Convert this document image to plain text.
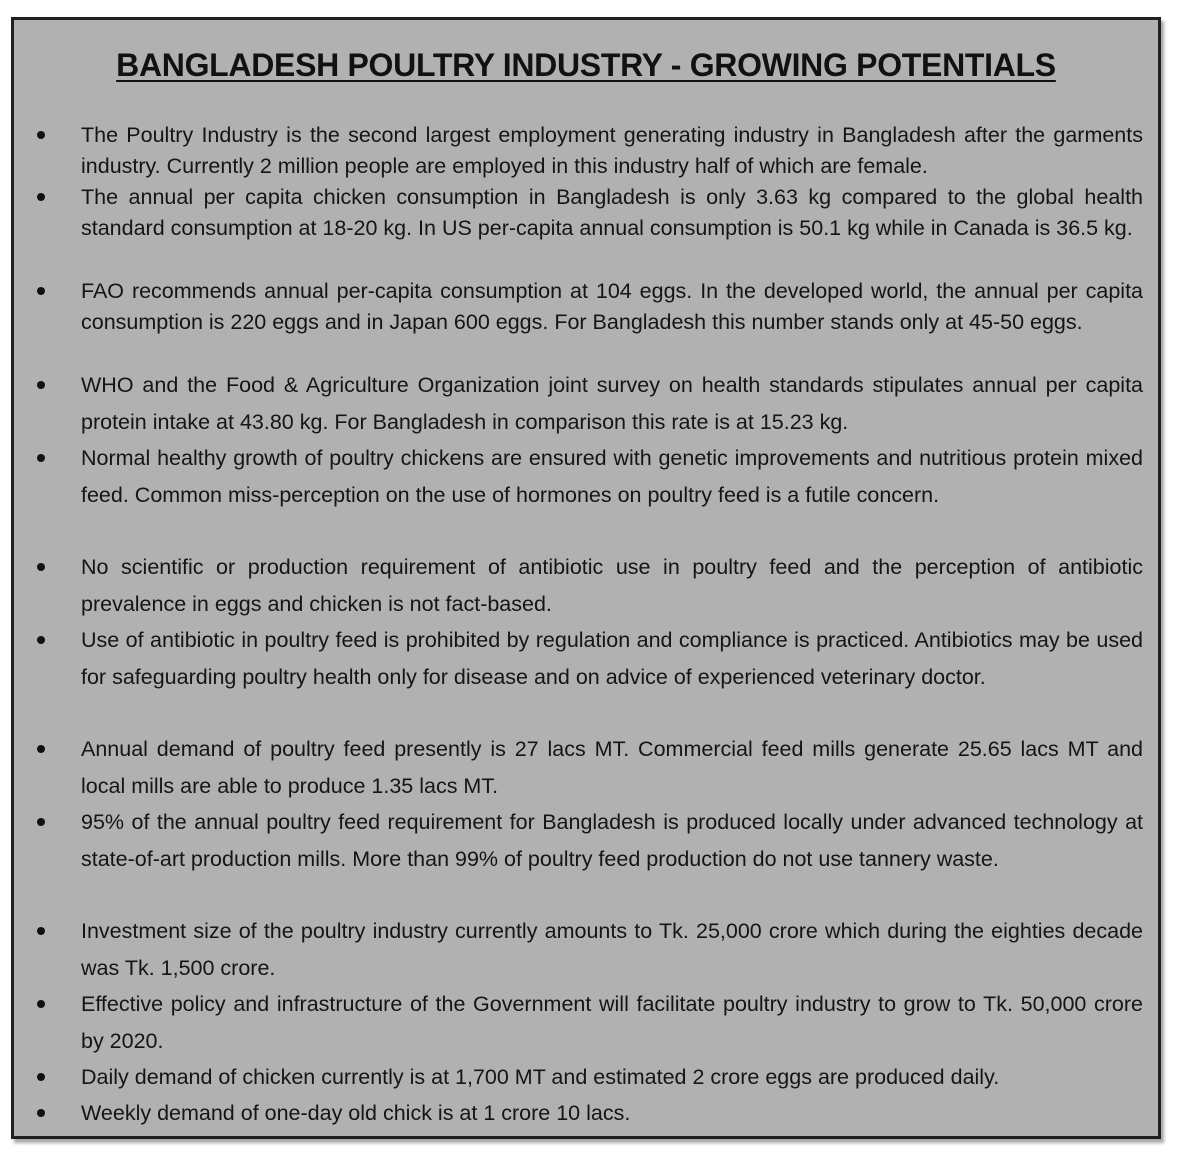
BANGLADESH POULTRY INDUSTRY - GROWING POTENTIALS
The Poultry Industry is the second largest employment generating industry in Bangladesh after the garments industry. Currently 2 million people are employed in this industry half of which are female.
The annual per capita chicken consumption in Bangladesh is only 3.63 kg compared to the global health standard consumption at 18-20 kg. In US per-capita annual consumption is 50.1 kg while in Canada is 36.5 kg.
FAO recommends annual per-capita consumption at 104 eggs. In the developed world, the annual per capita consumption is 220 eggs and in Japan 600 eggs. For Bangladesh this number stands only at 45-50 eggs.
WHO and the Food & Agriculture Organization joint survey on health standards stipulates annual per capita protein intake at 43.80 kg. For Bangladesh in comparison this rate is at 15.23 kg.
Normal healthy growth of poultry chickens are ensured with genetic improvements and nutritious protein mixed feed. Common miss-perception on the use of hormones on poultry feed is a futile concern.
No scientific or production requirement of antibiotic use in poultry feed and the perception of antibiotic prevalence in eggs and chicken is not fact-based.
Use of antibiotic in poultry feed is prohibited by regulation and compliance is practiced. Antibiotics may be used for safeguarding poultry health only for disease and on advice of experienced veterinary doctor.
Annual demand of poultry feed presently is 27 lacs MT. Commercial feed mills generate 25.65 lacs MT and local mills are able to produce 1.35 lacs MT.
95% of the annual poultry feed requirement for Bangladesh is produced locally under advanced technology at state-of-art production mills. More than 99% of poultry feed production do not use tannery waste.
Investment size of the poultry industry currently amounts to Tk. 25,000 crore which during the eighties decade was Tk. 1,500 crore.
Effective policy and infrastructure of the Government will facilitate poultry industry to grow to Tk. 50,000 crore by 2020.
Daily demand of chicken currently is at 1,700 MT and estimated 2 crore eggs are produced daily.
Weekly demand of one-day old chick is at 1 crore 10 lacs.
